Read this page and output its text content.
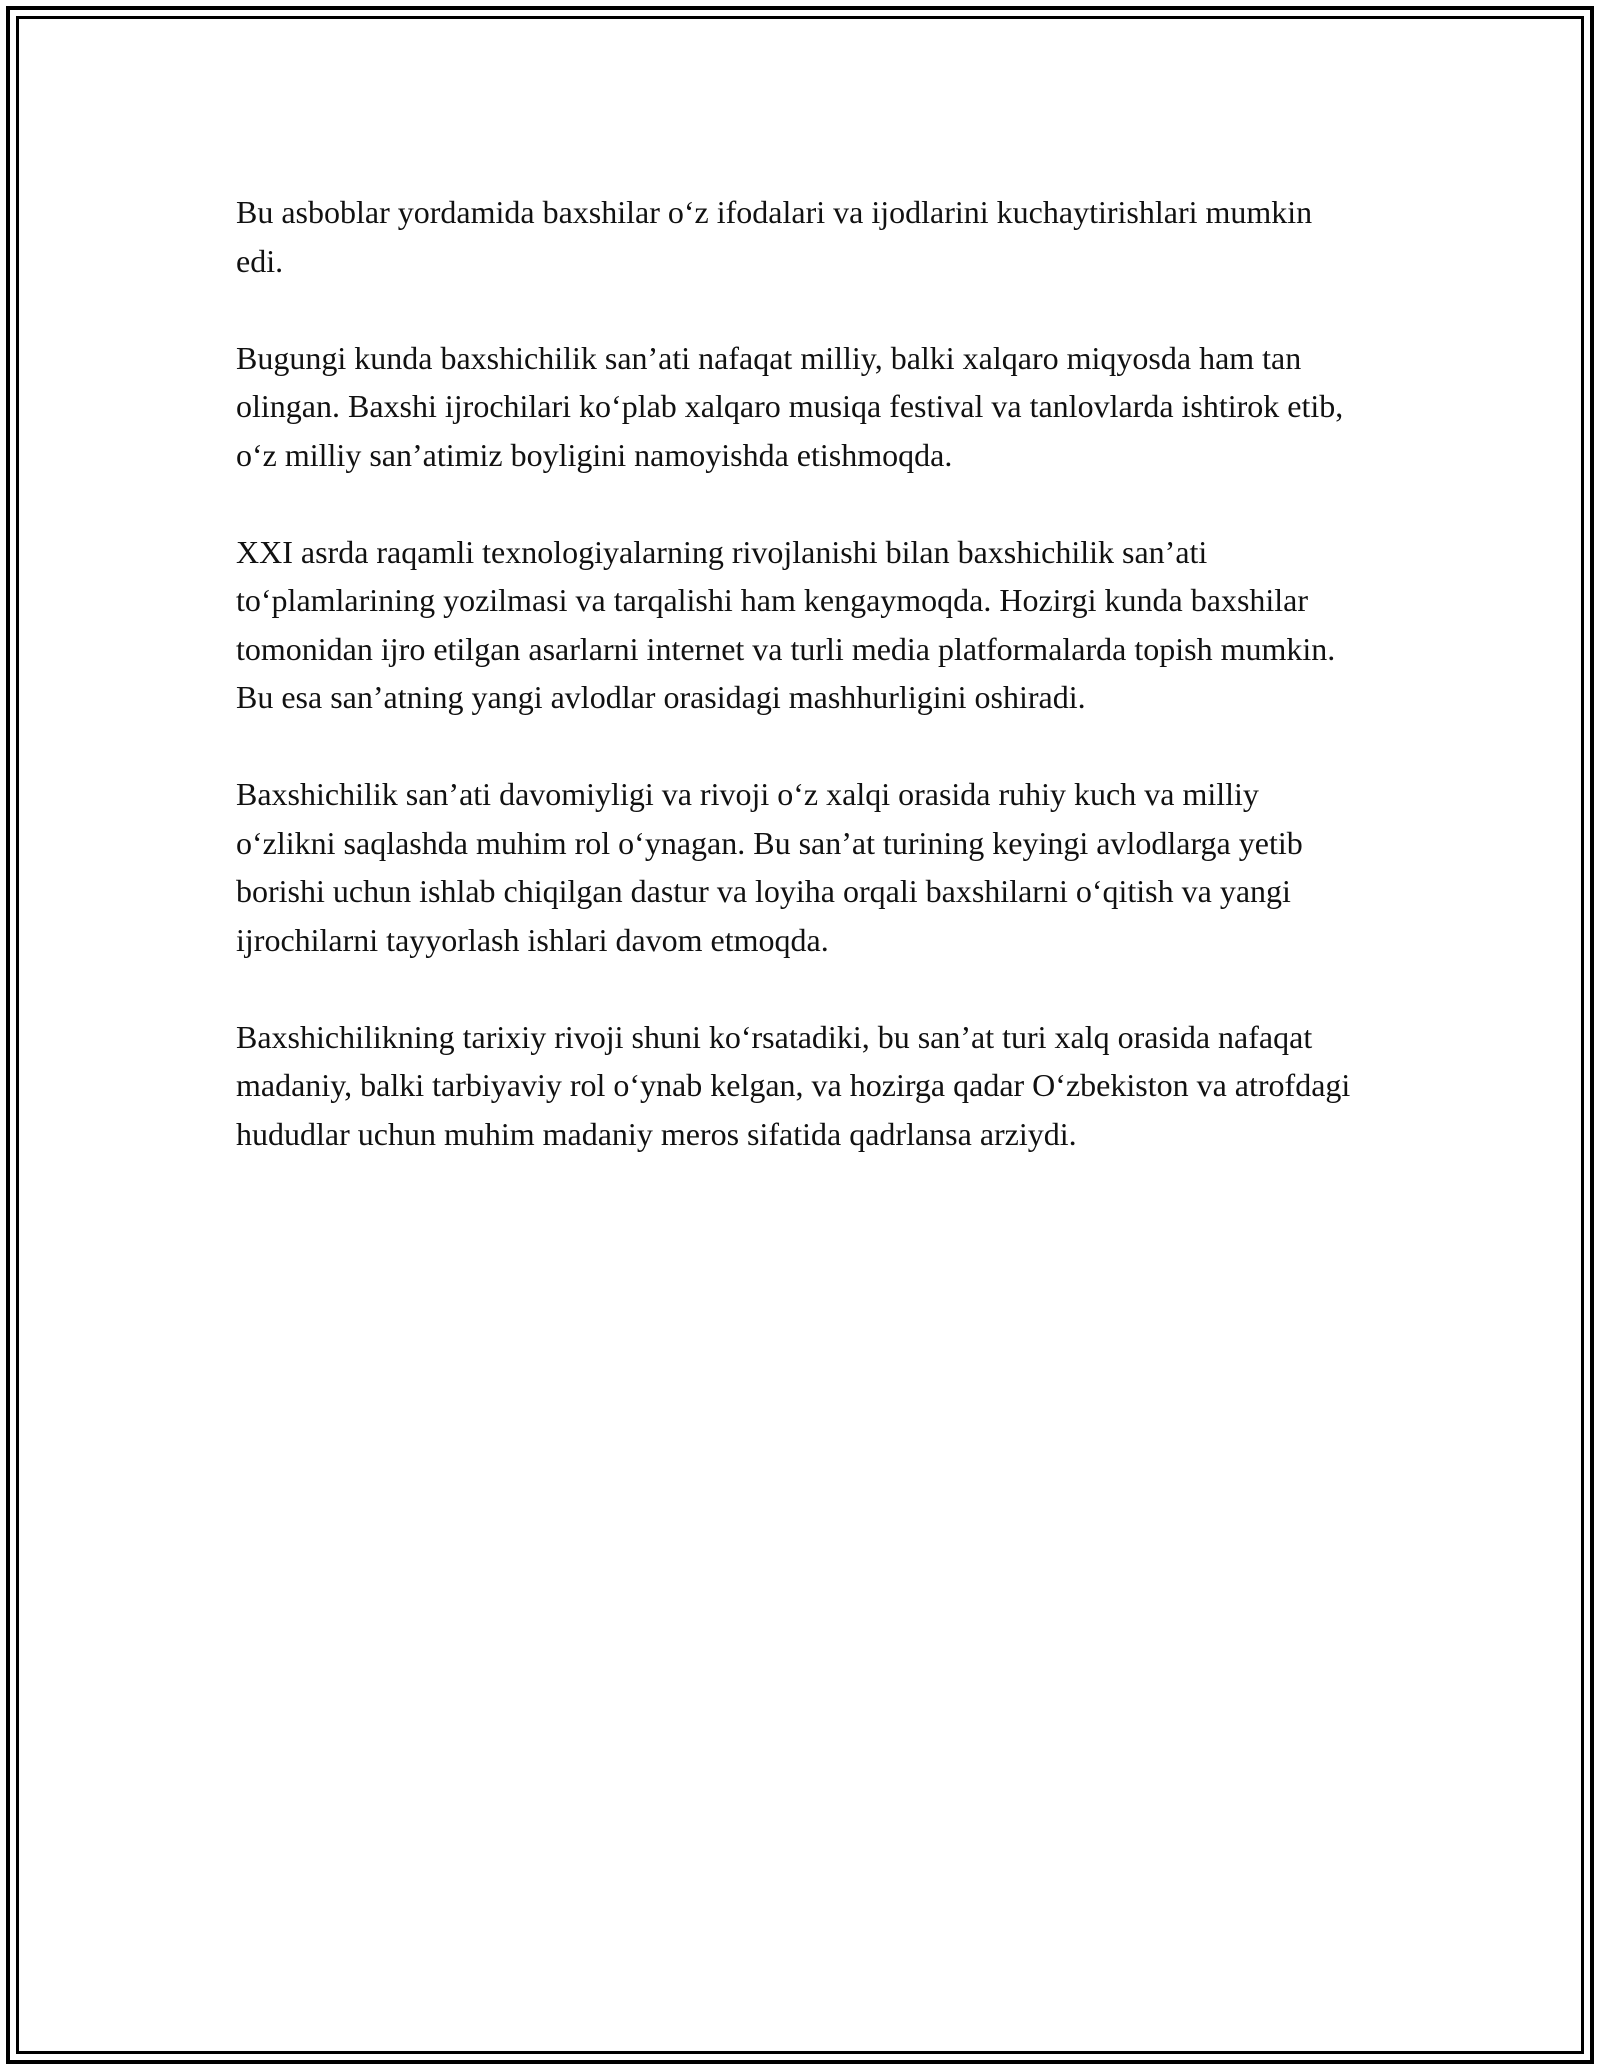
Bu asboblar yordamida baxshilar o‘z ifodalari va ijodlarini kuchaytirishlari mumkin edi.

Bugungi kunda baxshichilik san’ati nafaqat milliy, balki xalqaro miqyosda ham tan olingan. Baxshi ijrochilari ko‘plab xalqaro musiqa festival va tanlovlarda ishtirok etib, o‘z milliy san’atimiz boyligini namoyishda etishmoqda.

XXI asrda raqamli texnologiyalarning rivojlanishi bilan baxshichilik san’ati to‘plamlarining yozilmasi va tarqalishi ham kengaymoqda. Hozirgi kunda baxshilar tomonidan ijro etilgan asarlarni internet va turli media platformalarda topish mumkin. Bu esa san’atning yangi avlodlar orasidagi mashhurligini oshiradi.

Baxshichilik san’ati davomiyligi va rivoji o‘z xalqi orasida ruhiy kuch va milliy o‘zlikni saqlashda muhim rol o‘ynagan. Bu san’at turining keyingi avlodlarga yetib borishi uchun ishlab chiqilgan dastur va loyiha orqali baxshilarni o‘qitish va yangi ijrochilarni tayyorlash ishlari davom etmoqda.

Baxshichilikning tarixiy rivoji shuni ko‘rsatadiki, bu san’at turi xalq orasida nafaqat madaniy, balki tarbiyaviy rol o‘ynab kelgan, va hozirga qadar O‘zbekiston va atrofdagi hududlar uchun muhim madaniy meros sifatida qadrlansa arziydi.
